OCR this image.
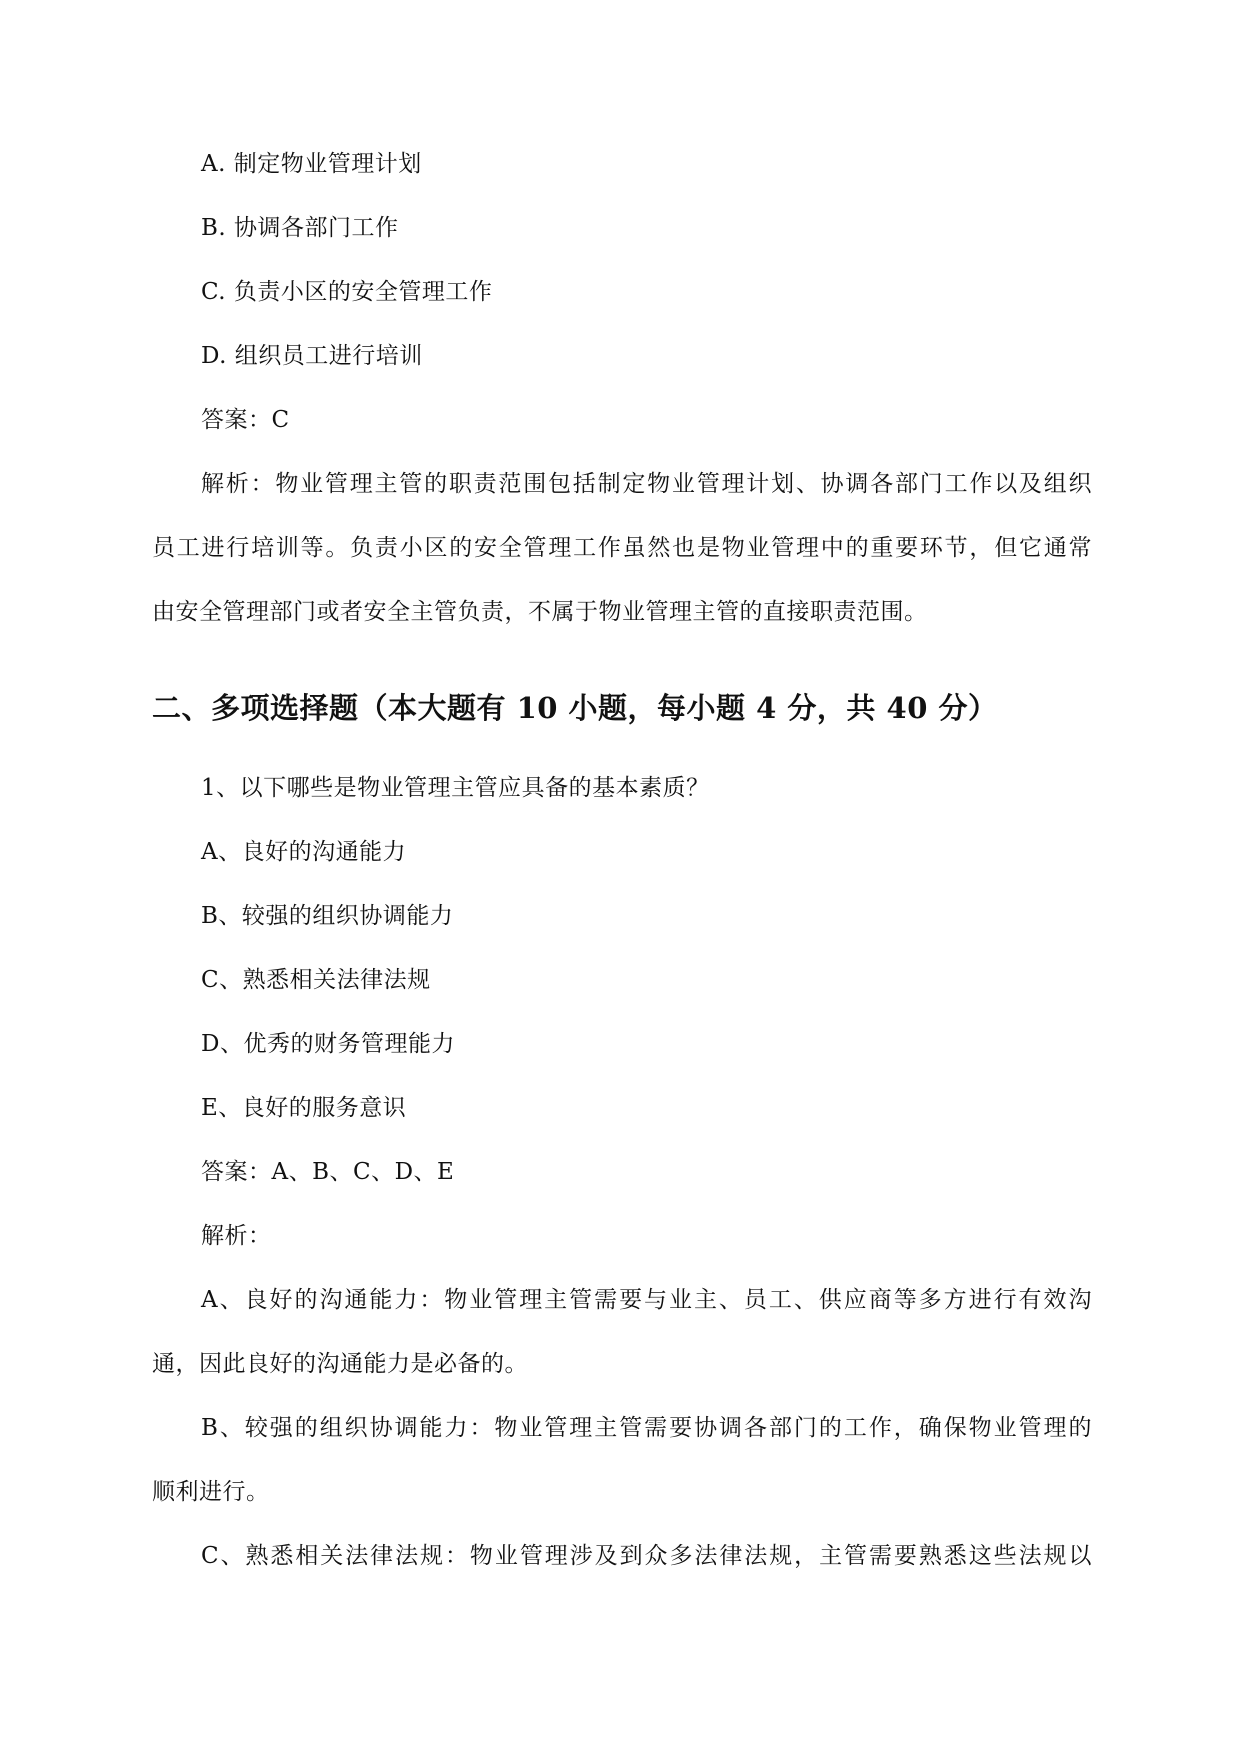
A. 制定物业管理计划
B. 协调各部门工作
C. 负责小区的安全管理工作
D. 组织员工进行培训
答案：C
解析：物业管理主管的职责范围包括制定物业管理计划、协调各部门工作以及组织
员工进行培训等。负责小区的安全管理工作虽然也是物业管理中的重要环节，但它通常
由安全管理部门或者安全主管负责，不属于物业管理主管的直接职责范围。
二、多项选择题（本大题有 10 小题，每小题 4 分，共 40 分）
1、以下哪些是物业管理主管应具备的基本素质？
A、良好的沟通能力
B、较强的组织协调能力
C、熟悉相关法律法规
D、优秀的财务管理能力
E、良好的服务意识
答案：A、B、C、D、E
解析：
A、良好的沟通能力：物业管理主管需要与业主、员工、供应商等多方进行有效沟
通，因此良好的沟通能力是必备的。
B、较强的组织协调能力：物业管理主管需要协调各部门的工作，确保物业管理的
顺利进行。
C、熟悉相关法律法规：物业管理涉及到众多法律法规，主管需要熟悉这些法规以
